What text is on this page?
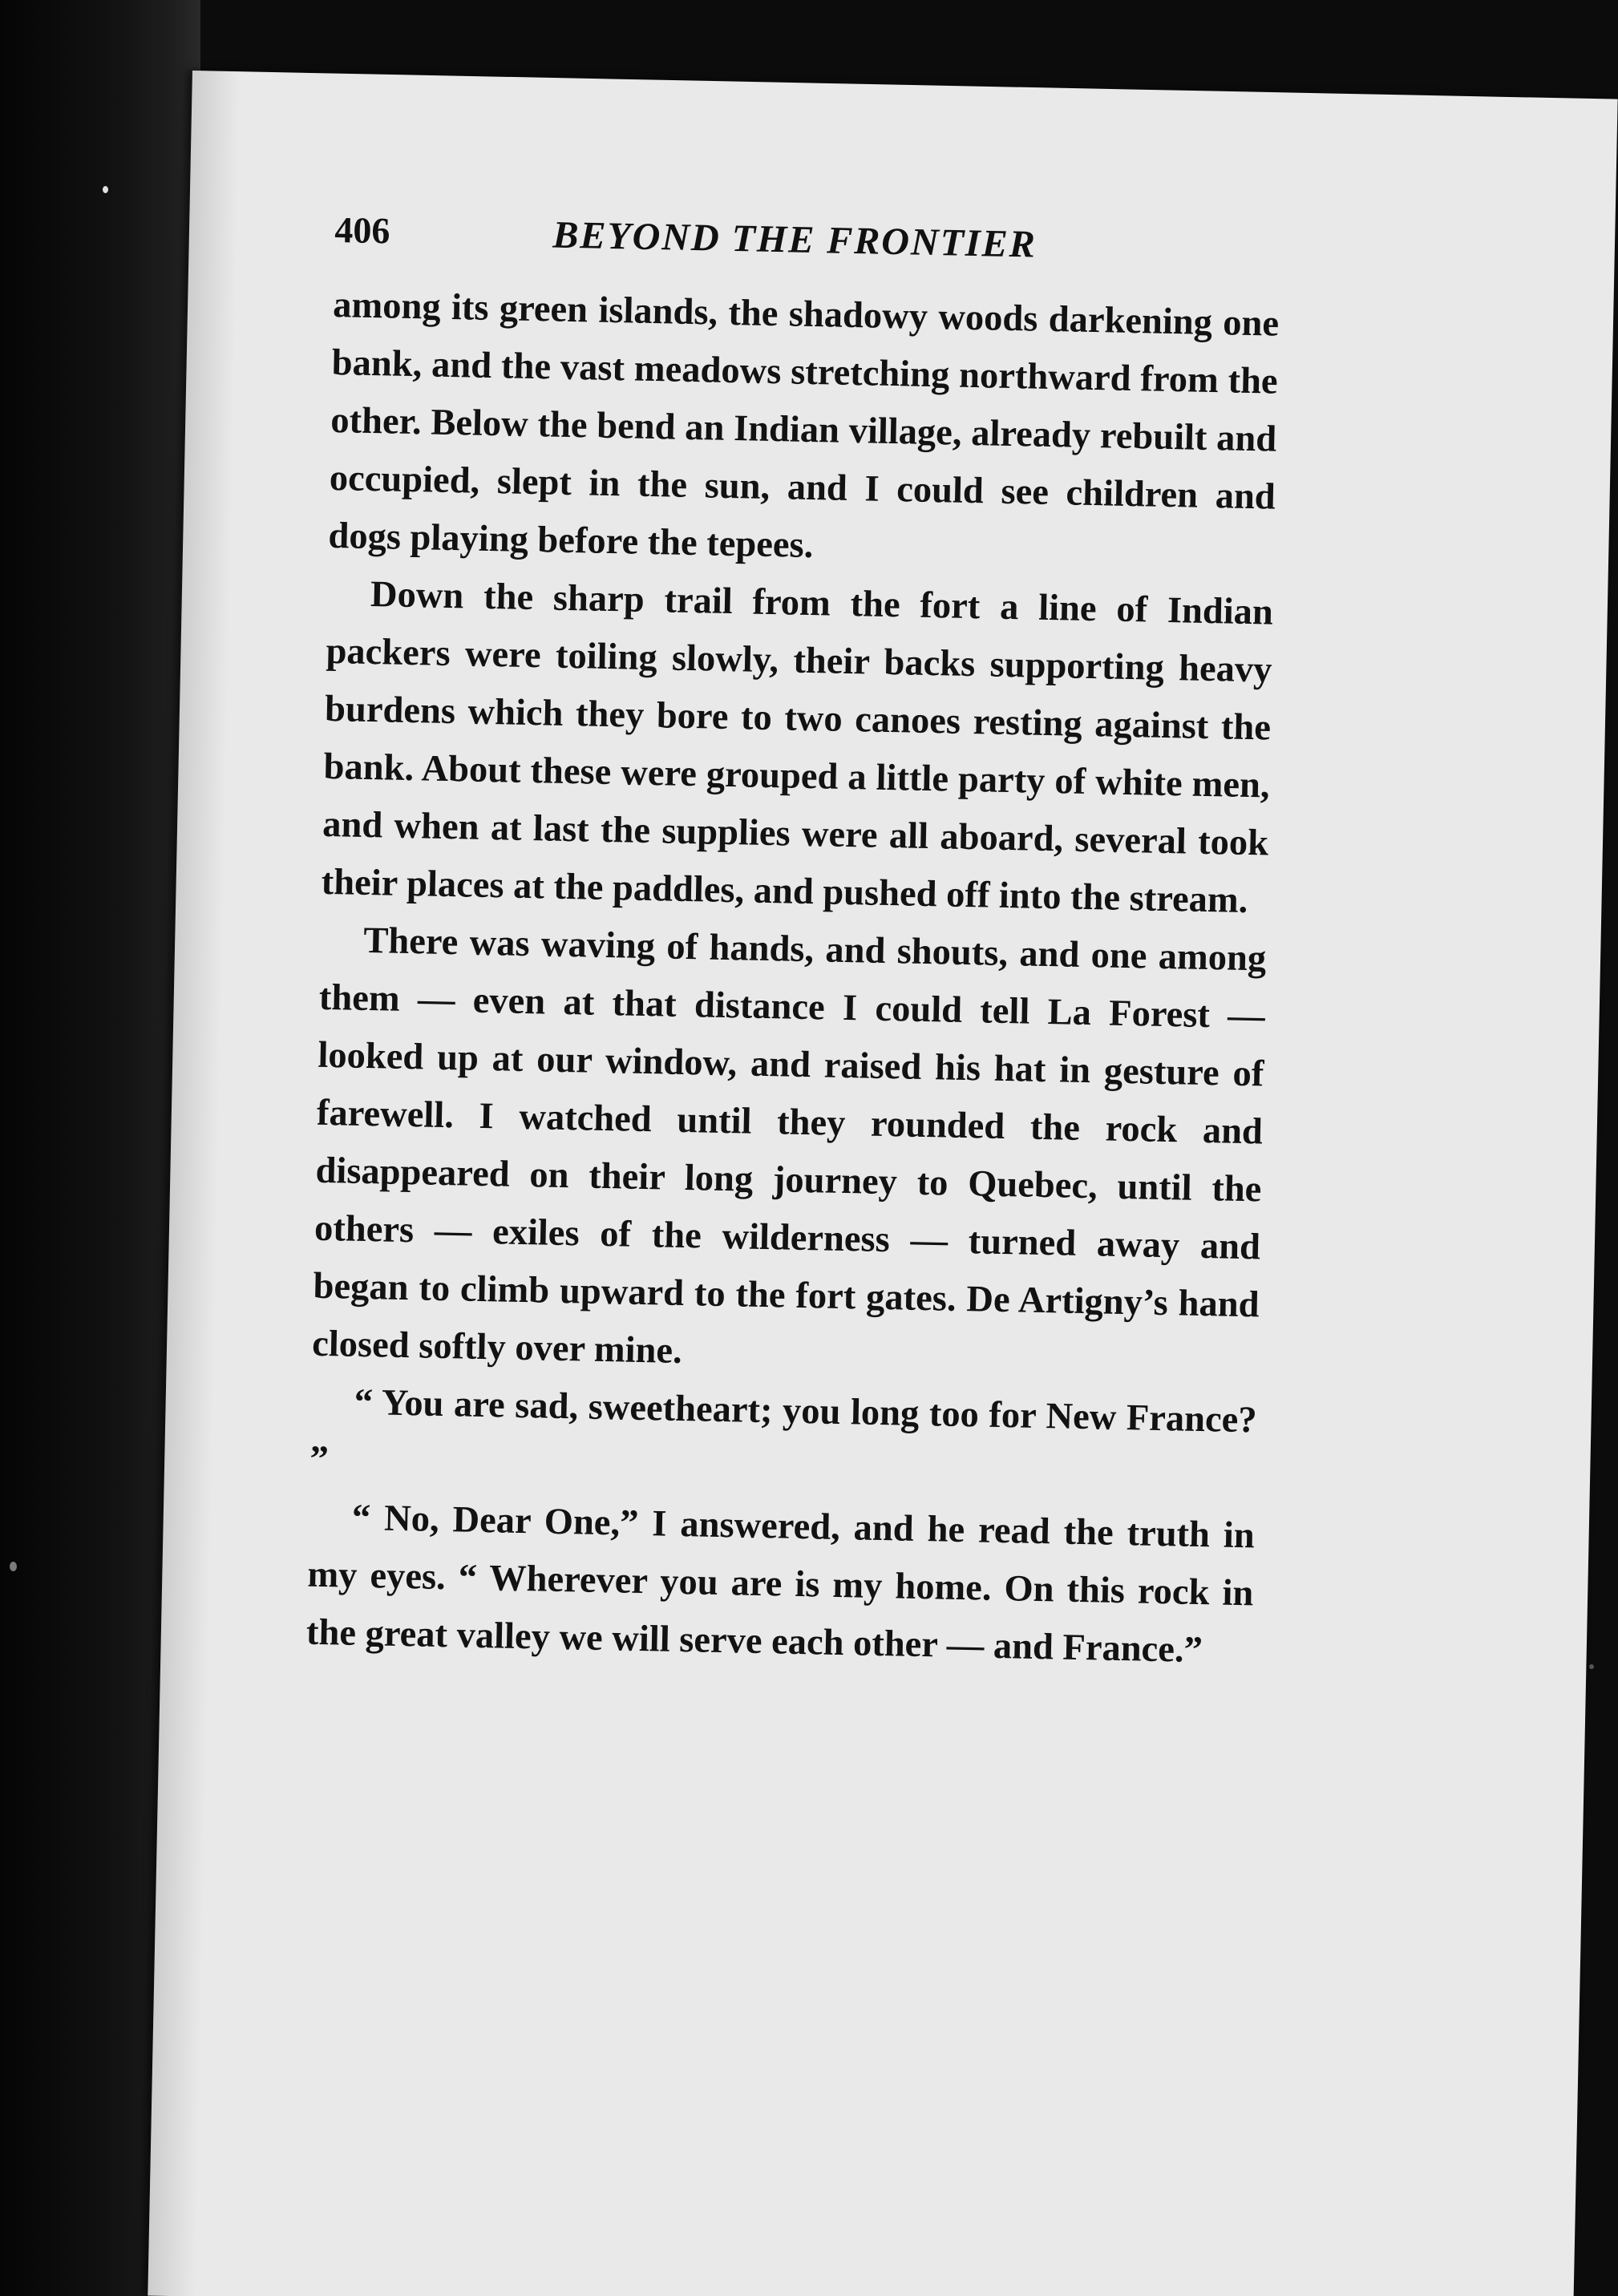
406	BEYOND THE FRONTIER

among its green islands, the shadowy woods darkening one bank, and the vast meadows stretching northward from the other. Below the bend an Indian village, already rebuilt and occupied, slept in the sun, and I could see children and dogs playing before the tepees.

Down the sharp trail from the fort a line of Indian packers were toiling slowly, their backs supporting heavy burdens which they bore to two canoes resting against the bank. About these were grouped a little party of white men, and when at last the supplies were all aboard, several took their places at the paddles, and pushed off into the stream.

There was waving of hands, and shouts, and one among them — even at that distance I could tell La Forest — looked up at our window, and raised his hat in gesture of farewell. I watched until they rounded the rock and disappeared on their long journey to Quebec, until the others — exiles of the wilderness — turned away and began to climb upward to the fort gates. De Artigny’s hand closed softly over mine.

“ You are sad, sweetheart; you long too for New France? ”

“ No, Dear One,” I answered, and he read the truth in my eyes. “ Wherever you are is my home. On this rock in the great valley we will serve each other — and France.”
